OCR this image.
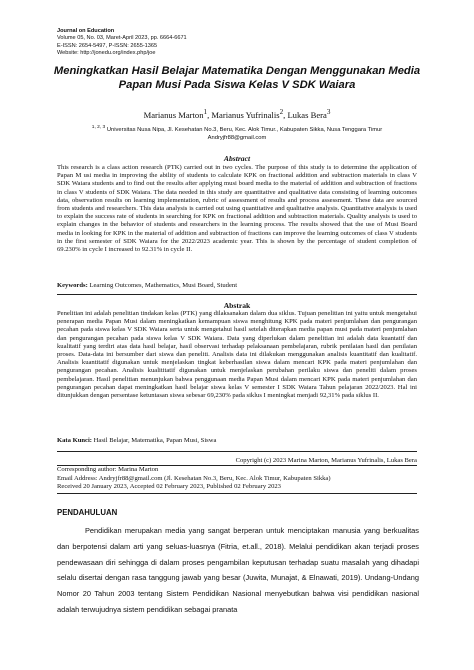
Journal on Education
Volume 05, No. 03, Maret-April 2023, pp. 6664-6671
E-ISSN: 2654-5497, P-ISSN: 2655-1365
Website: http://jonedu.org/index.php/joe
Meningkatkan Hasil Belajar Matematika Dengan Menggunakan Media
Papan Musi Pada Siswa Kelas V SDK Waiara
Marianus Marton$^1$, Marianus Yufrinalis$^2$, Lukas Bera$^3$
$^{1, 2, 3}$ Universitas Nusa Nipa, Jl. Kesehatan No.3, Beru, Kec. Alok Timur., Kabupaten Sikka, Nusa Tenggara Timur
Andryjfr88@gmail.com
Abstract
This research is a class action research (PTK) carried out in two cycles. The purpose of this study is to determine the application of Papan M usi media in improving the ability of students to calculate KPK on fractional addition and subtraction materials in class V SDK Waiara students and to find out the results after applying musi board media to the material of addition and subtraction of fractions in class V students of SDK Waiara. The data needed in this study are quantitative and qualitative data consisting of learning outcomes data, observation results on learning implementation, rubric of assessment of results and process assessment. These data are sourced from students and researchers. This data analysis is carried out using quantitative and qualitative analysis. Quantitative analysis is used to explain the success rate of students in searching for KPK on fractional addition and subtraction materials. Quality analysis is used to explain changes in the behavior of students and researchers in the learning process. The results showed that the use of Musi Board media in looking for KPK in the material of addition and subtraction of fractions can improve the learning outcomes of class V students in the first semester of SDK Waiara for the 2022/2023 academic year. This is shown by the percentage of student completion of 69.230% in cycle I increased to 92.31% in cycle II.
Keywords: Learning Outcomes, Mathematics, Musi Board, Student
Abstrak
Penelitian ini adalah penelitian tindakan kelas (PTK) yang dilaksanakan dalam dua siklus. Tujuan penelitian ini yaitu untuk mengetahui penerapan media Papan Musi dalam meningkatkan kemampuan siswa menghitung KPK pada materi penjumlahan dan pengurangan pecahan pada siswa kelas V SDK Waiara serta untuk mengetahui hasil setelah diterapkan media papan musi pada materi penjumlahan dan pengurangan pecahan pada siswa kelas V SDK Waiara. Data yang diperlukan dalam penelitian ini adalah data kuantatif dan kualitatif yang terdiri atas data hasil belajar, hasil observasi terhadap pelaksanaan pembelajaran, rubrik penilaian hasil dan penilaian proses. Data-data ini bersumber dari siswa dan peneliti. Analisis data ini dilakukan menggunakan analisis kuantitatif dan kualitatif. Analisis kuantitatif digunakan untuk menjelaskan tingkat keberhasilan siswa dalam mencari KPK pada materi penjumlahan dan pengurangan pecahan. Analisis kualititatif digunakan untuk menjelaskan perubahan perilaku siswa dan peneliti dalam proses pembelajaran. Hasil penelitian menunjukan bahwa penggunaan media Papan Musi dalam mencari KPK pada materi penjumlahan dan pengurangan pecahan dapat meningkatkan hasil belajar siswa kelas V semester I SDK Waiara Tahun pelajaran 2022/2023. Hal ini ditunjukkan dengan persentase ketuntasan siswa sebesar 69,230% pada siklus I meningkat menjadi 92,31% pada siklus II.
Kata Kunci: Hasil Belajar, Matematika, Papan Musi, Siswa
Copyright (c) 2023 Marina Marton, Marianus Yufrinalis, Lukas Bera
Corresponding author: Marina Marton
Email Address: Andryjfr88@gmail.com (Jl. Kesehatan No.3, Beru, Kec. Alok Timur, Kabupaten Sikka)
Received 20 January 2023, Accepted 02 February 2023, Published 02 February 2023
PENDAHULUAN
Pendidikan merupakan media yang sangat berperan untuk menciptakan manusia yang berkualitas dan berpotensi dalam arti yang seluas-luasnya (Fitria, et.all., 2018). Melalui pendidikan akan terjadi proses pendewasaan diri sehingga di dalam proses pengambilan keputusan terhadap suatu masalah yang dihadapi selalu disertai dengan rasa tanggung jawab yang besar (Juwita, Munajat, & Elnawati, 2019). Undang-Undang Nomor 20 Tahun 2003 tentang Sistem Pendidikan Nasional menyebutkan bahwa visi pendidikan nasional adalah terwujudnya sistem pendidikan sebagai pranata
